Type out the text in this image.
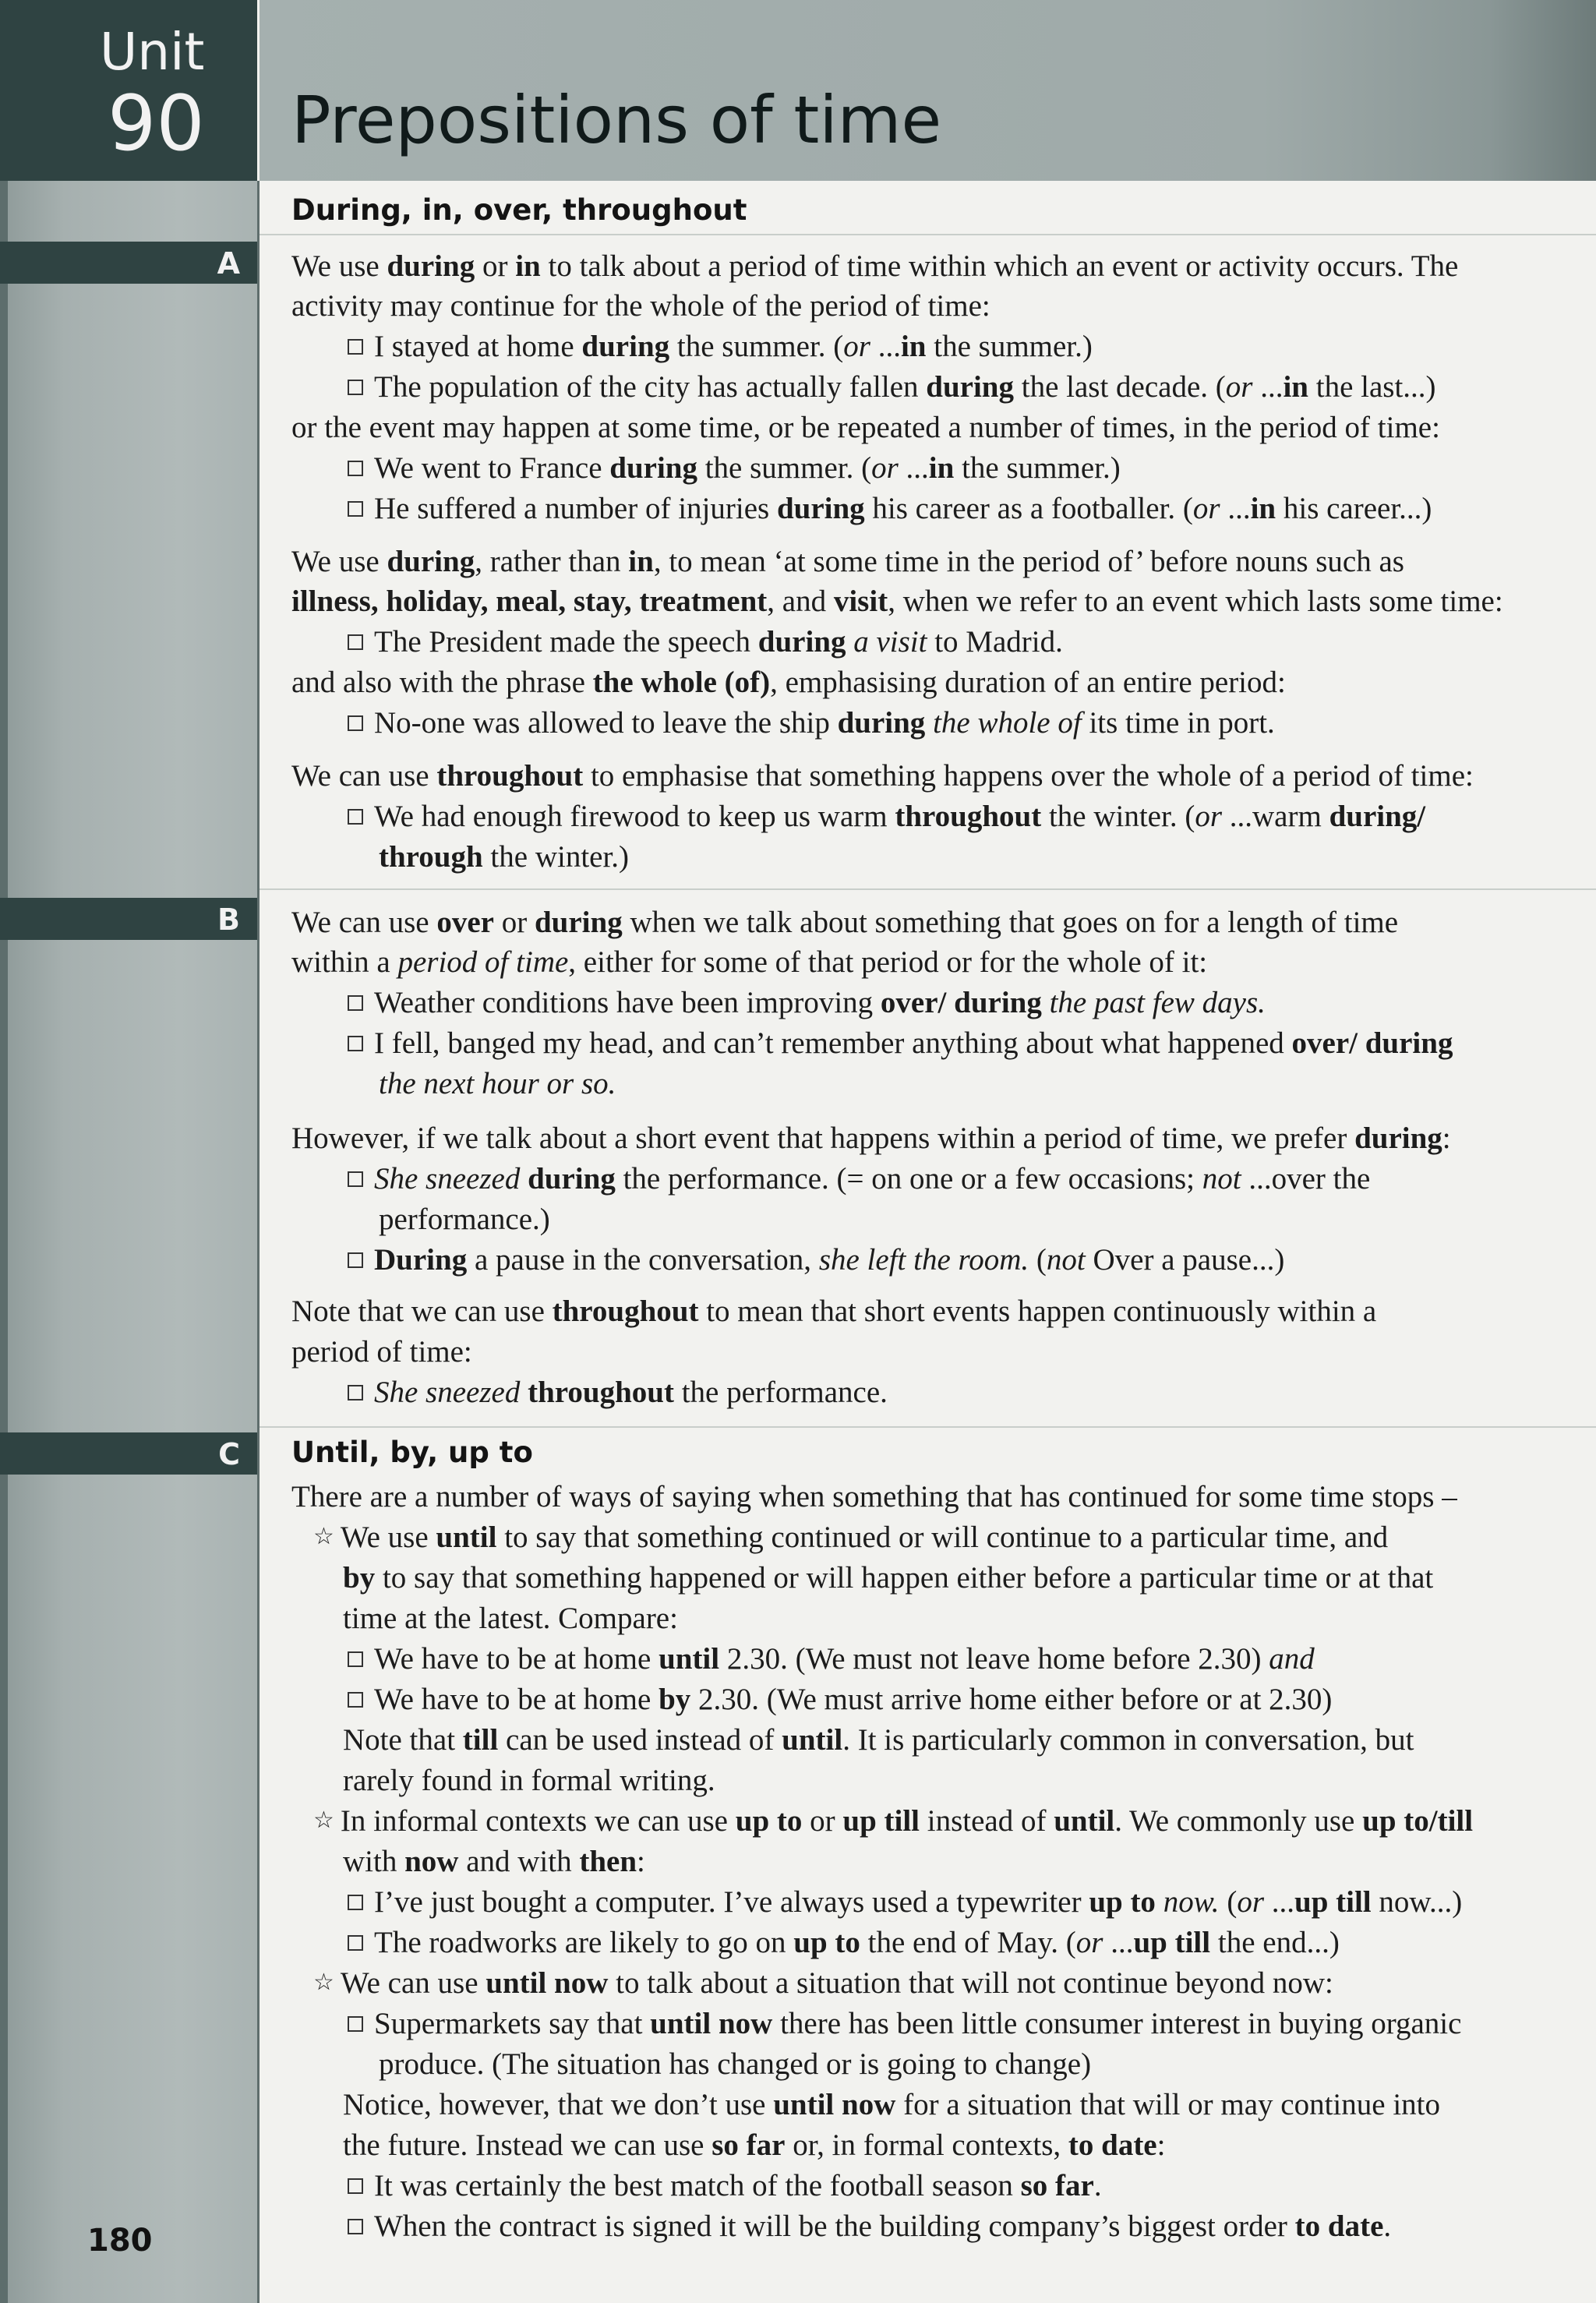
Unit
90 Prepositions of time
A
B
C
During, in, over, throughout
We use during or in to talk about a period of time within which an event or activity occurs. The
activity may continue for the whole of the period of time:
I stayed at home during the summer. (or ...in the summer.)
The population of the city has actually fallen during the last decade. (or ...in the last...)
or the event may happen at some time, or be repeated a number of times, in the period of time:
We went to France during the summer. (or ...in the summer.)
He suffered a number of injuries during his career as a footballer. (or ...in his career...)
We use during, rather than in, to mean ‘at some time in the period of’ before nouns such as
illness, holiday, meal, stay, treatment, and visit, when we refer to an event which lasts some time:
The President made the speech during a visit to Madrid.
and also with the phrase the whole (of), emphasising duration of an entire period:
No-one was allowed to leave the ship during the whole of its time in port.
We can use throughout to emphasise that something happens over the whole of a period of time:
We had enough firewood to keep us warm throughout the winter. (or ...warm during/
through the winter.)
We can use over or during when we talk about something that goes on for a length of time
within a period of time, either for some of that period or for the whole of it:
Weather conditions have been improving over/ during the past few days.
I fell, banged my head, and can’t remember anything about what happened over/ during
the next hour or so.
However, if we talk about a short event that happens within a period of time, we prefer during:
She sneezed during the performance. (= on one or a few occasions; not ...over the
performance.)
During a pause in the conversation, she left the room. (not Over a pause...)
Note that we can use throughout to mean that short events happen continuously within a
period of time:
She sneezed throughout the performance.
Until, by, up to
There are a number of ways of saying when something that has continued for some time stops –
☆ We use until to say that something continued or will continue to a particular time, and
by to say that something happened or will happen either before a particular time or at that
time at the latest. Compare:
We have to be at home until 2.30. (We must not leave home before 2.30) and
We have to be at home by 2.30. (We must arrive home either before or at 2.30)
Note that till can be used instead of until. It is particularly common in conversation, but
rarely found in formal writing.
☆ In informal contexts we can use up to or up till instead of until. We commonly use up to/till
with now and with then:
I’ve just bought a computer. I’ve always used a typewriter up to now. (or ...up till now...)
The roadworks are likely to go on up to the end of May. (or ...up till the end...)
☆ We can use until now to talk about a situation that will not continue beyond now:
Supermarkets say that until now there has been little consumer interest in buying organic
produce. (The situation has changed or is going to change)
Notice, however, that we don’t use until now for a situation that will or may continue into
the future. Instead we can use so far or, in formal contexts, to date:
It was certainly the best match of the football season so far.
When the contract is signed it will be the building company’s biggest order to date.
180
